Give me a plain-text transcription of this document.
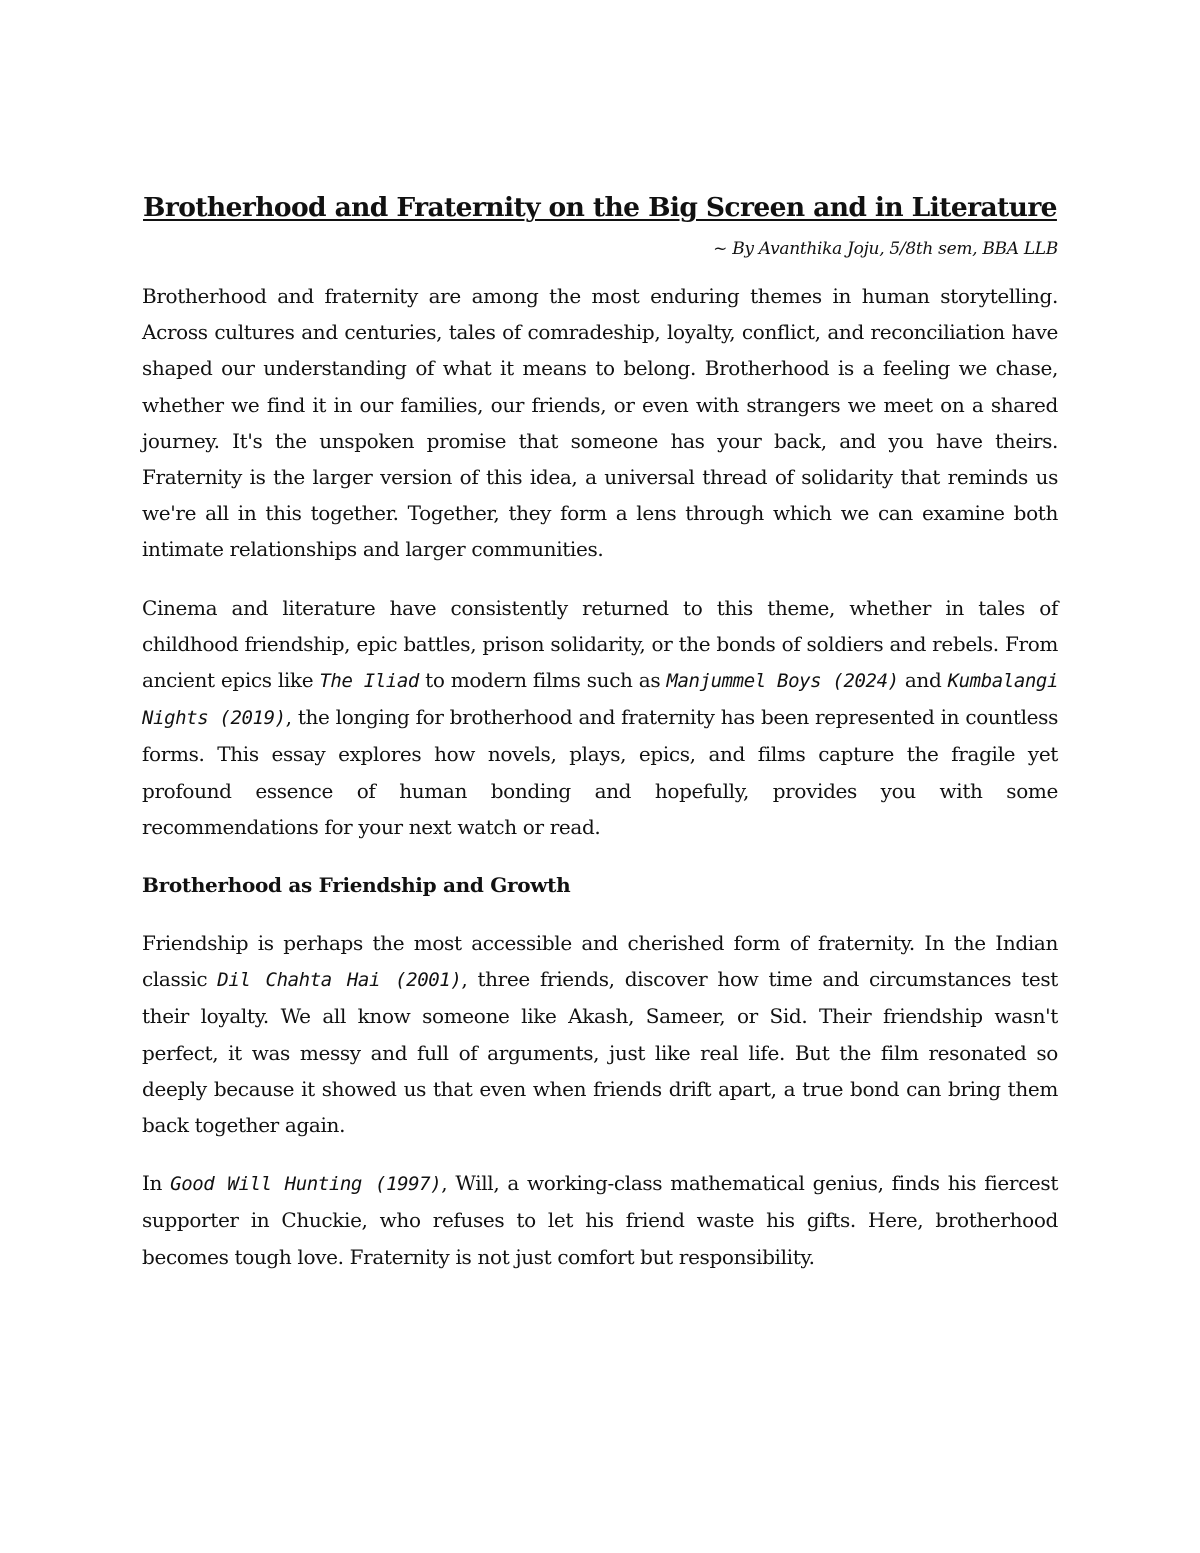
Brotherhood and Fraternity on the Big Screen and in Literature

~ By Avanthika Joju, 5/8th sem, BBA LLB

Brotherhood and fraternity are among the most enduring themes in human storytelling. Across cultures and centuries, tales of comradeship, loyalty, conflict, and reconciliation have shaped our understanding of what it means to belong. Brotherhood is a feeling we chase, whether we find it in our families, our friends, or even with strangers we meet on a shared journey. It's the unspoken promise that someone has your back, and you have theirs. Fraternity is the larger version of this idea, a universal thread of solidarity that reminds us we're all in this together. Together, they form a lens through which we can examine both intimate relationships and larger communities.

Cinema and literature have consistently returned to this theme, whether in tales of childhood friendship, epic battles, prison solidarity, or the bonds of soldiers and rebels. From ancient epics like The Iliad to modern films such as Manjummel Boys (2024) and Kumbalangi Nights (2019), the longing for brotherhood and fraternity has been represented in countless forms. This essay explores how novels, plays, epics, and films capture the fragile yet profound essence of human bonding and hopefully, provides you with some recommendations for your next watch or read.

Brotherhood as Friendship and Growth

Friendship is perhaps the most accessible and cherished form of fraternity. In the Indian classic Dil Chahta Hai (2001), three friends, discover how time and circumstances test their loyalty. We all know someone like Akash, Sameer, or Sid. Their friendship wasn't perfect, it was messy and full of arguments, just like real life. But the film resonated so deeply because it showed us that even when friends drift apart, a true bond can bring them back together again.

In Good Will Hunting (1997), Will, a working-class mathematical genius, finds his fiercest supporter in Chuckie, who refuses to let his friend waste his gifts. Here, brotherhood becomes tough love. Fraternity is not just comfort but responsibility.
